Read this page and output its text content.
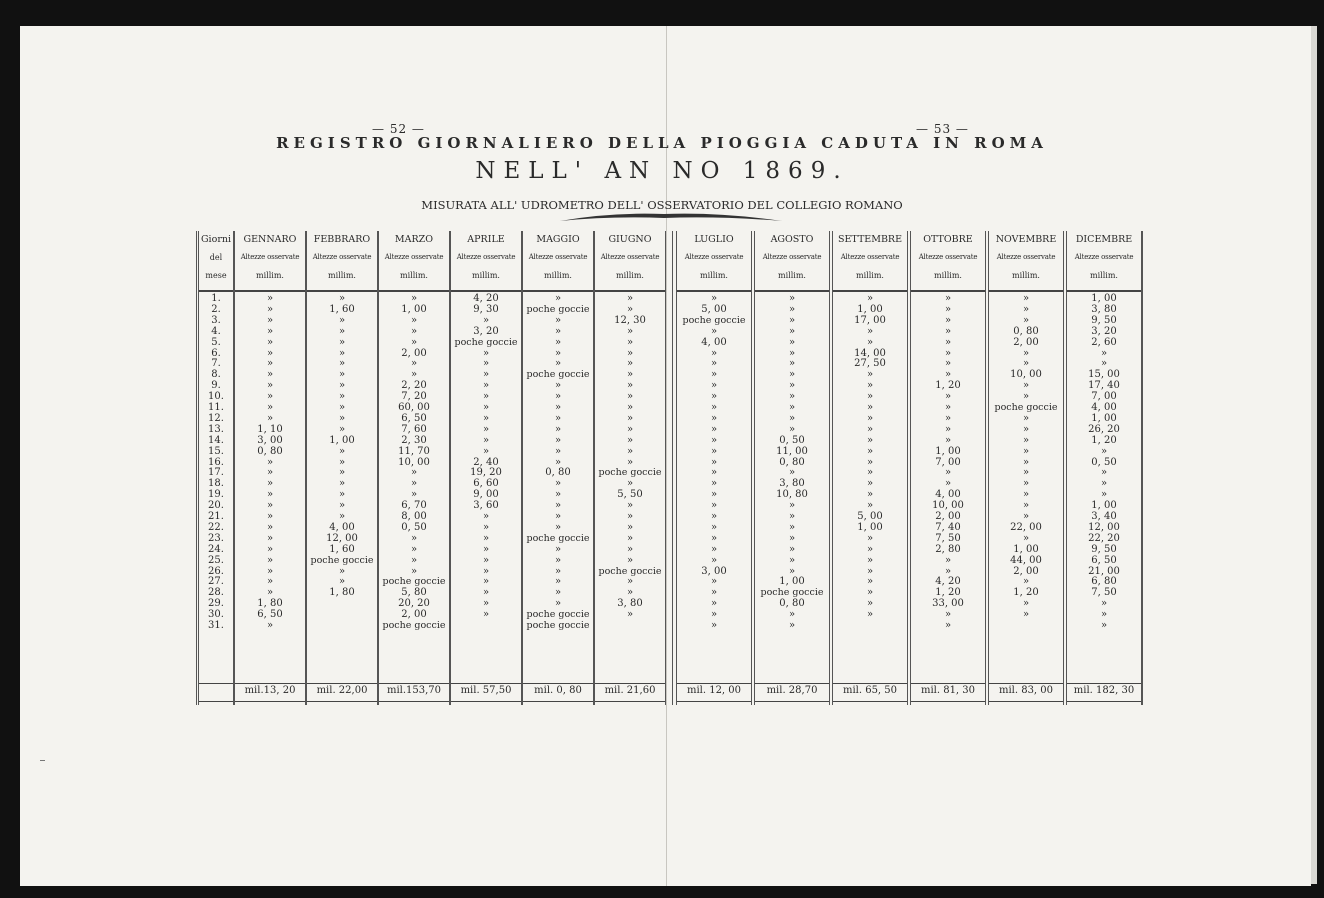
— 52 —	— 53 —
REGISTRO GIORNALIERO DELLA PIOGGIA CADUTA IN ROMA
NELL' AN NO 1869.
MISURATA ALL' UDROMETRO DELL' OSSERVATORIO DEL COLLEGIO ROMANO
Giorni
del
mese
1.
2.
3.
4.
5.
6.
7.
8.
9.
10.
11.
12.
13.
14.
15.
16.
17.
18.
19.
20.
21.
22.
23.
24.
25.
26.
27.
28.
29.
30.
31.
GENNARO
Altezze osservate
millim.
»
»
»
»
»
»
»
»
»
»
»
»
1, 10
3, 00
0, 80
»
»
»
»
»
»
»
»
»
»
»
»
»
1, 80
6, 50
»
mil.13, 20
FEBBRARO
Altezze osservate
millim.
»
1, 60
»
»
»
»
»
»
»
»
»
»
»
1, 00
»
»
»
»
»
»
»
4, 00
12, 00
1, 60
poche goccie
»
»
1, 80
mil. 22,00
MARZO
Altezze osservate
millim.
»
1, 00
»
»
»
2, 00
»
»
2, 20
7, 20
60, 00
6, 50
7, 60
2, 30
11, 70
10, 00
»
»
»
6, 70
8, 00
0, 50
»
»
»
»
poche goccie
5, 80
20, 20
2, 00
poche goccie
mil.153,70
APRILE
Altezze osservate
millim.
4, 20
9, 30
»
3, 20
poche goccie
»
»
»
»
»
»
»
»
»
»
2, 40
19, 20
6, 60
9, 00
3, 60
»
»
»
»
»
»
»
»
»
»
mil. 57,50
MAGGIO
Altezze osservate
millim.
»
poche goccie
»
»
»
»
»
poche goccie
»
»
»
»
»
»
»
»
0, 80
»
»
»
»
»
poche goccie
»
»
»
»
»
»
poche goccie
poche goccie
mil. 0, 80
GIUGNO
Altezze osservate
millim.
»
»
12, 30
»
»
»
»
»
»
»
»
»
»
»
»
»
poche goccie
»
5, 50
»
»
»
»
»
»
poche goccie
»
»
3, 80
»
mil. 21,60
LUGLIO
Altezze osservate
millim.
»
5, 00
poche goccie
»
4, 00
»
»
»
»
»
»
»
»
»
»
»
»
»
»
»
»
»
»
»
»
3, 00
»
»
»
»
»
mil. 12, 00
AGOSTO
Altezze osservate
millim.
»
»
»
»
»
»
»
»
»
»
»
»
»
0, 50
11, 00
0, 80
»
3, 80
10, 80
»
»
»
»
»
»
»
1, 00
poche goccie
0, 80
»
»
mil. 28,70
SETTEMBRE
Altezze osservate
millim.
»
1, 00
17, 00
»
»
14, 00
27, 50
»
»
»
»
»
»
»
»
»
»
»
»
»
5, 00
1, 00
»
»
»
»
»
»
»
»
mil. 65, 50
OTTOBRE
Altezze osservate
millim.
»
»
»
»
»
»
»
»
1, 20
»
»
»
»
»
1, 00
7, 00
»
»
4, 00
10, 00
2, 00
7, 40
7, 50
2, 80
»
»
4, 20
1, 20
33, 00
»
»
mil. 81, 30
NOVEMBRE
Altezze osservate
millim.
»
»
»
0, 80
2, 00
»
»
10, 00
»
»
poche goccie
»
»
»
»
»
»
»
»
»
»
22, 00
»
1, 00
44, 00
2, 00
»
1, 20
»
»
mil. 83, 00
DICEMBRE
Altezze osservate
millim.
1, 00
3, 80
9, 50
3, 20
2, 60
»
»
15, 00
17, 40
7, 00
4, 00
1, 00
26, 20
1, 20
»
0, 50
»
»
»
1, 00
3, 40
12, 00
22, 20
9, 50
6, 50
21, 00
6, 80
7, 50
»
»
»
mil. 182, 30
